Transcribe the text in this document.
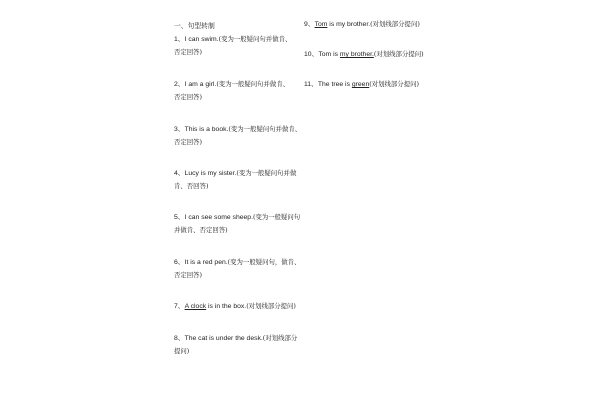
一、句型转制
1、I can swim.(变为一般疑问句并做肯、
否定回答)
2、I am a girl.(变为一般疑问句并做肯、
否定回答)
3、This is a book.(变为一般疑问句并做肯、
否定回答)
4、Lucy is my sister.(变为一般疑问句并做
肯、否回答)
5、I can see some sheep.(变为一般疑问句
并做肯、否定回答)
6、It is a red pen.(变为一般疑问句，做肯、
否定回答)
7、A clock is in the box.(对划线部分提问)
8、The cat is under the desk.(对划线部分
提问)
9、Tom is my brother.(对划线部分提问)
10、Tom is my brother.(对划线部分提问)
11、The tree is green(对划线部分提问)
